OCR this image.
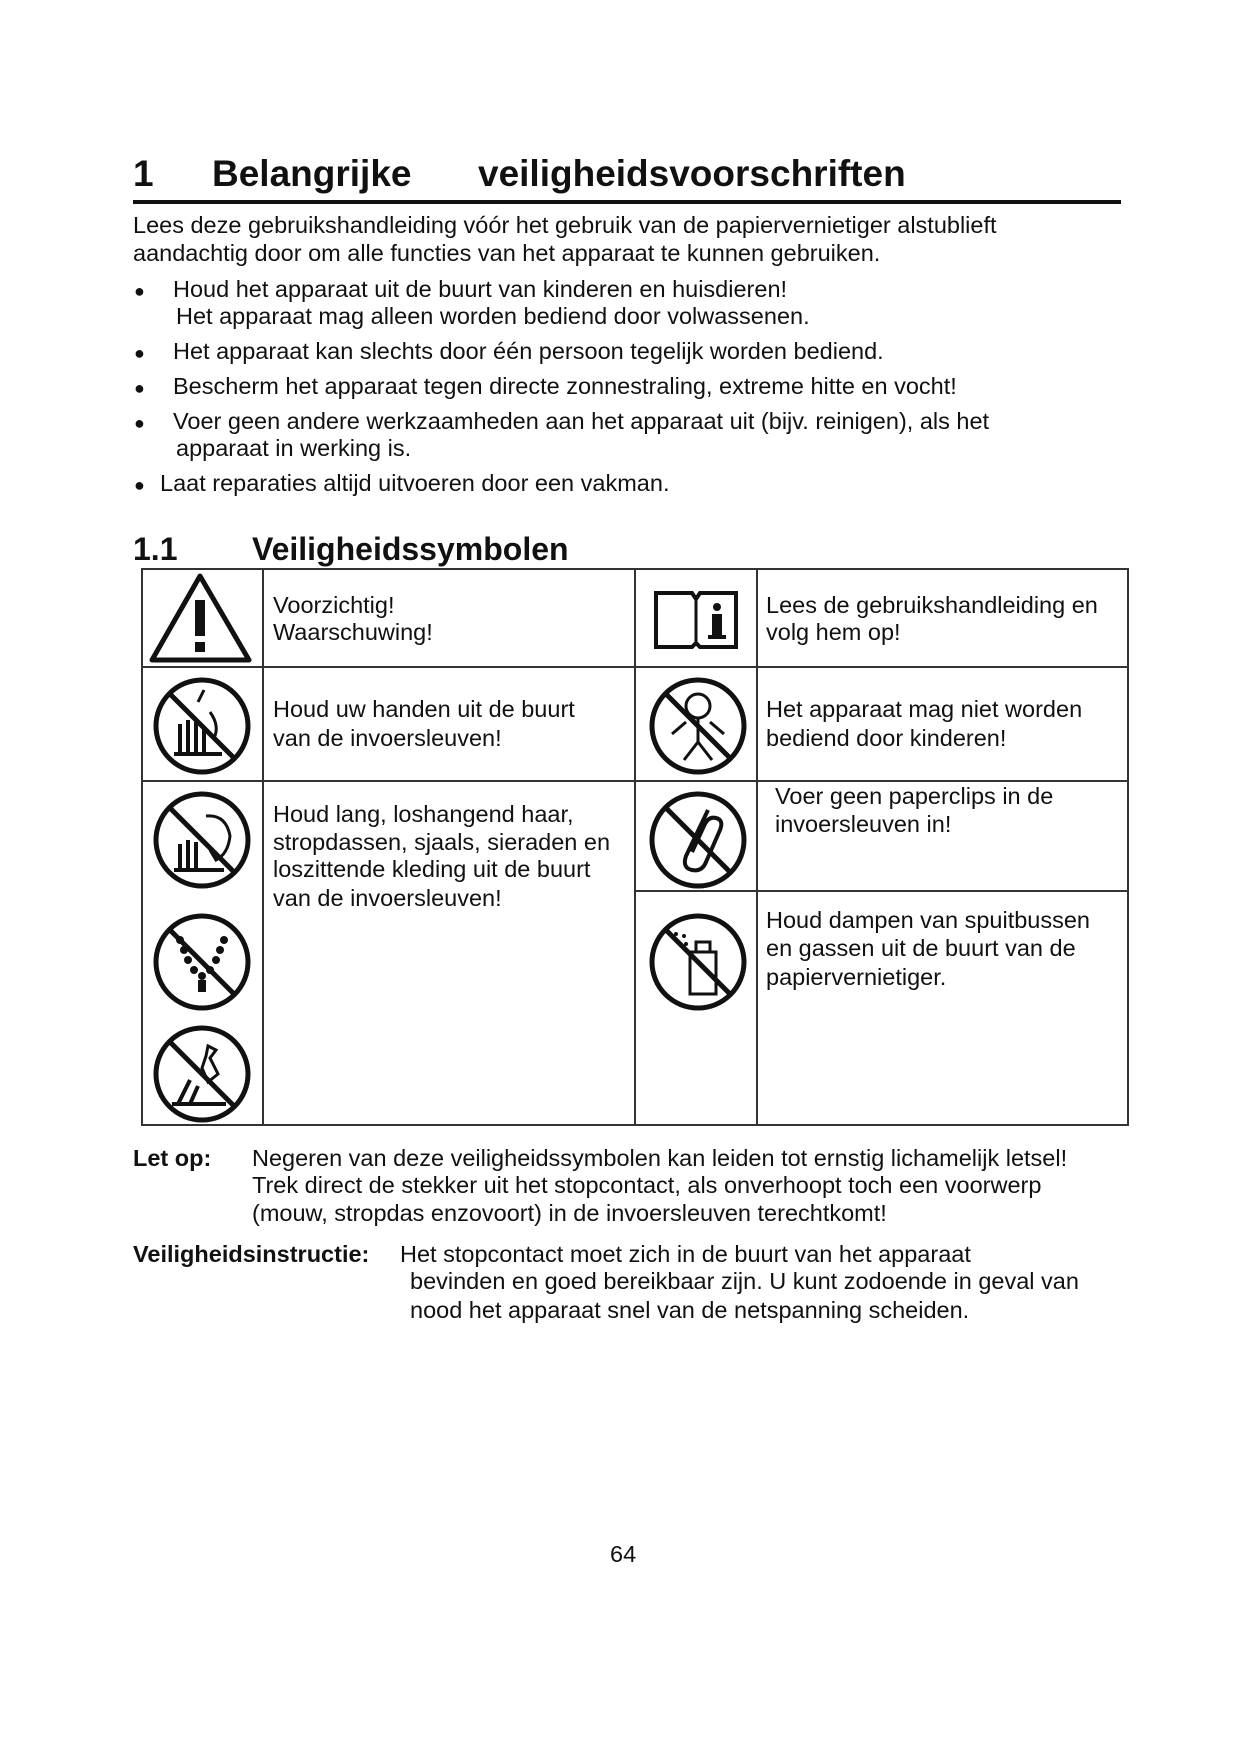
1 Belangrijke veiligheidsvoorschriften
Lees deze gebruikshandleiding vóór het gebruik van de papiervernietiger alstublieft
aandachtig door om alle functies van het apparaat te kunnen gebruiken.
● Houd het apparaat uit de buurt van kinderen en huisdieren!
Het apparaat mag alleen worden bediend door volwassenen.
● Het apparaat kan slechts door één persoon tegelijk worden bediend.
● Bescherm het apparaat tegen directe zonnestraling, extreme hitte en vocht!
● Voer geen andere werkzaamheden aan het apparaat uit (bijv. reinigen), als het
apparaat in werking is.
● Laat reparaties altijd uitvoeren door een vakman.
1.1 Veiligheidssymbolen
Voorzichtig!
Waarschuwing!
Lees de gebruikshandleiding en
volg hem op!
Houd uw handen uit de buurt
van de invoersleuven!
Het apparaat mag niet worden
bediend door kinderen!
Houd lang, loshangend haar,
stropdassen, sjaals, sieraden en
loszittende kleding uit de buurt
van de invoersleuven!
Voer geen paperclips in de
invoersleuven in!
Houd dampen van spuitbussen
en gassen uit de buurt van de
papiervernietiger.
Let op: Negeren van deze veiligheidssymbolen kan leiden tot ernstig lichamelijk letsel!
Trek direct de stekker uit het stopcontact, als onverhoopt toch een voorwerp
(mouw, stropdas enzovoort) in de invoersleuven terechtkomt!
Veiligheidsinstructie: Het stopcontact moet zich in de buurt van het apparaat
bevinden en goed bereikbaar zijn. U kunt zodoende in geval van
nood het apparaat snel van de netspanning scheiden.
64
